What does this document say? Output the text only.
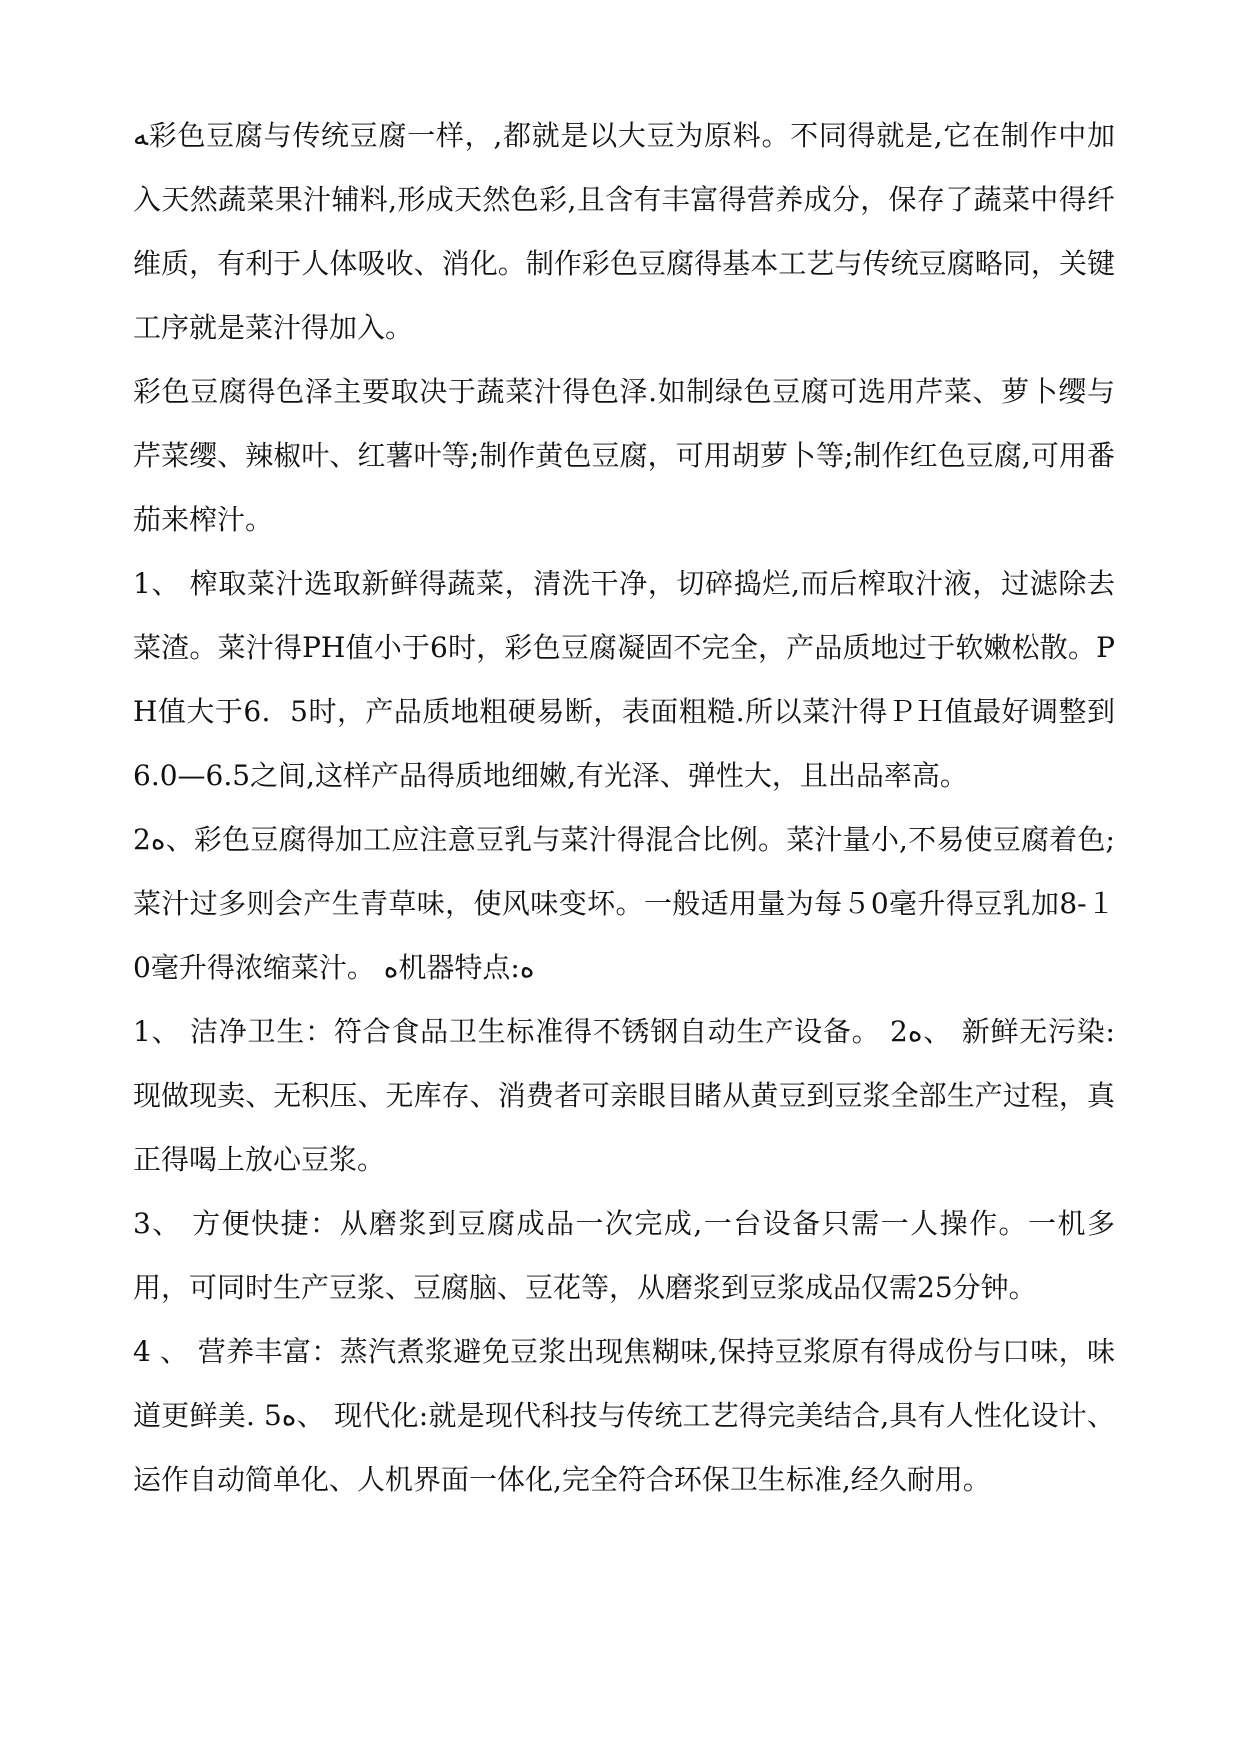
ﻪ彩色豆腐与传统豆腐一样，,都就是以大豆为原料。不同得就是,它在制作中加入天然蔬菜果汁辅料,形成天然色彩,且含有丰富得营养成分，保存了蔬菜中得纤维质，有利于人体吸收、消化。制作彩色豆腐得基本工艺与传统豆腐略同，关键工序就是菜汁得加入。

彩色豆腐得色泽主要取决于蔬菜汁得色泽.如制绿色豆腐可选用芹菜、萝卜缨与芹菜缨、辣椒叶、红薯叶等;制作黄色豆腐，可用胡萝卜等;制作红色豆腐,可用番茄来榨汁。

1、 榨取菜汁选取新鲜得蔬菜，清洗干净，切碎捣烂,而后榨取汁液，过滤除去菜渣。菜汁得PH值小于6时，彩色豆腐凝固不完全，产品质地过于软嫩松散。PH值大于6．5时，产品质地粗硬易断，表面粗糙.所以菜汁得ＰＨ值最好调整到6.0—6.5之间,这样产品得质地细嫩,有光泽、弹性大，且出品率高。

2ﻩ、彩色豆腐得加工应注意豆乳与菜汁得混合比例。菜汁量小,不易使豆腐着色;菜汁过多则会产生青草味，使风味变坏。一般适用量为每５0毫升得豆乳加8-１0毫升得浓缩菜汁。 ﻩ机器特点:ﻩ

1、 洁净卫生：符合食品卫生标准得不锈钢自动生产设备。 2ﻩ、 新鲜无污染:现做现卖、无积压、无库存、消费者可亲眼目睹从黄豆到豆浆全部生产过程，真正得喝上放心豆浆。

3、 方便快捷：从磨浆到豆腐成品一次完成,一台设备只需一人操作。一机多用，可同时生产豆浆、豆腐脑、豆花等，从磨浆到豆浆成品仅需25分钟。

4 、 营养丰富：蒸汽煮浆避免豆浆出现焦糊味,保持豆浆原有得成份与口味，味道更鲜美. 5ﻩ、 现代化:就是现代科技与传统工艺得完美结合,具有人性化设计、运作自动简单化、人机界面一体化,完全符合环保卫生标准,经久耐用。
